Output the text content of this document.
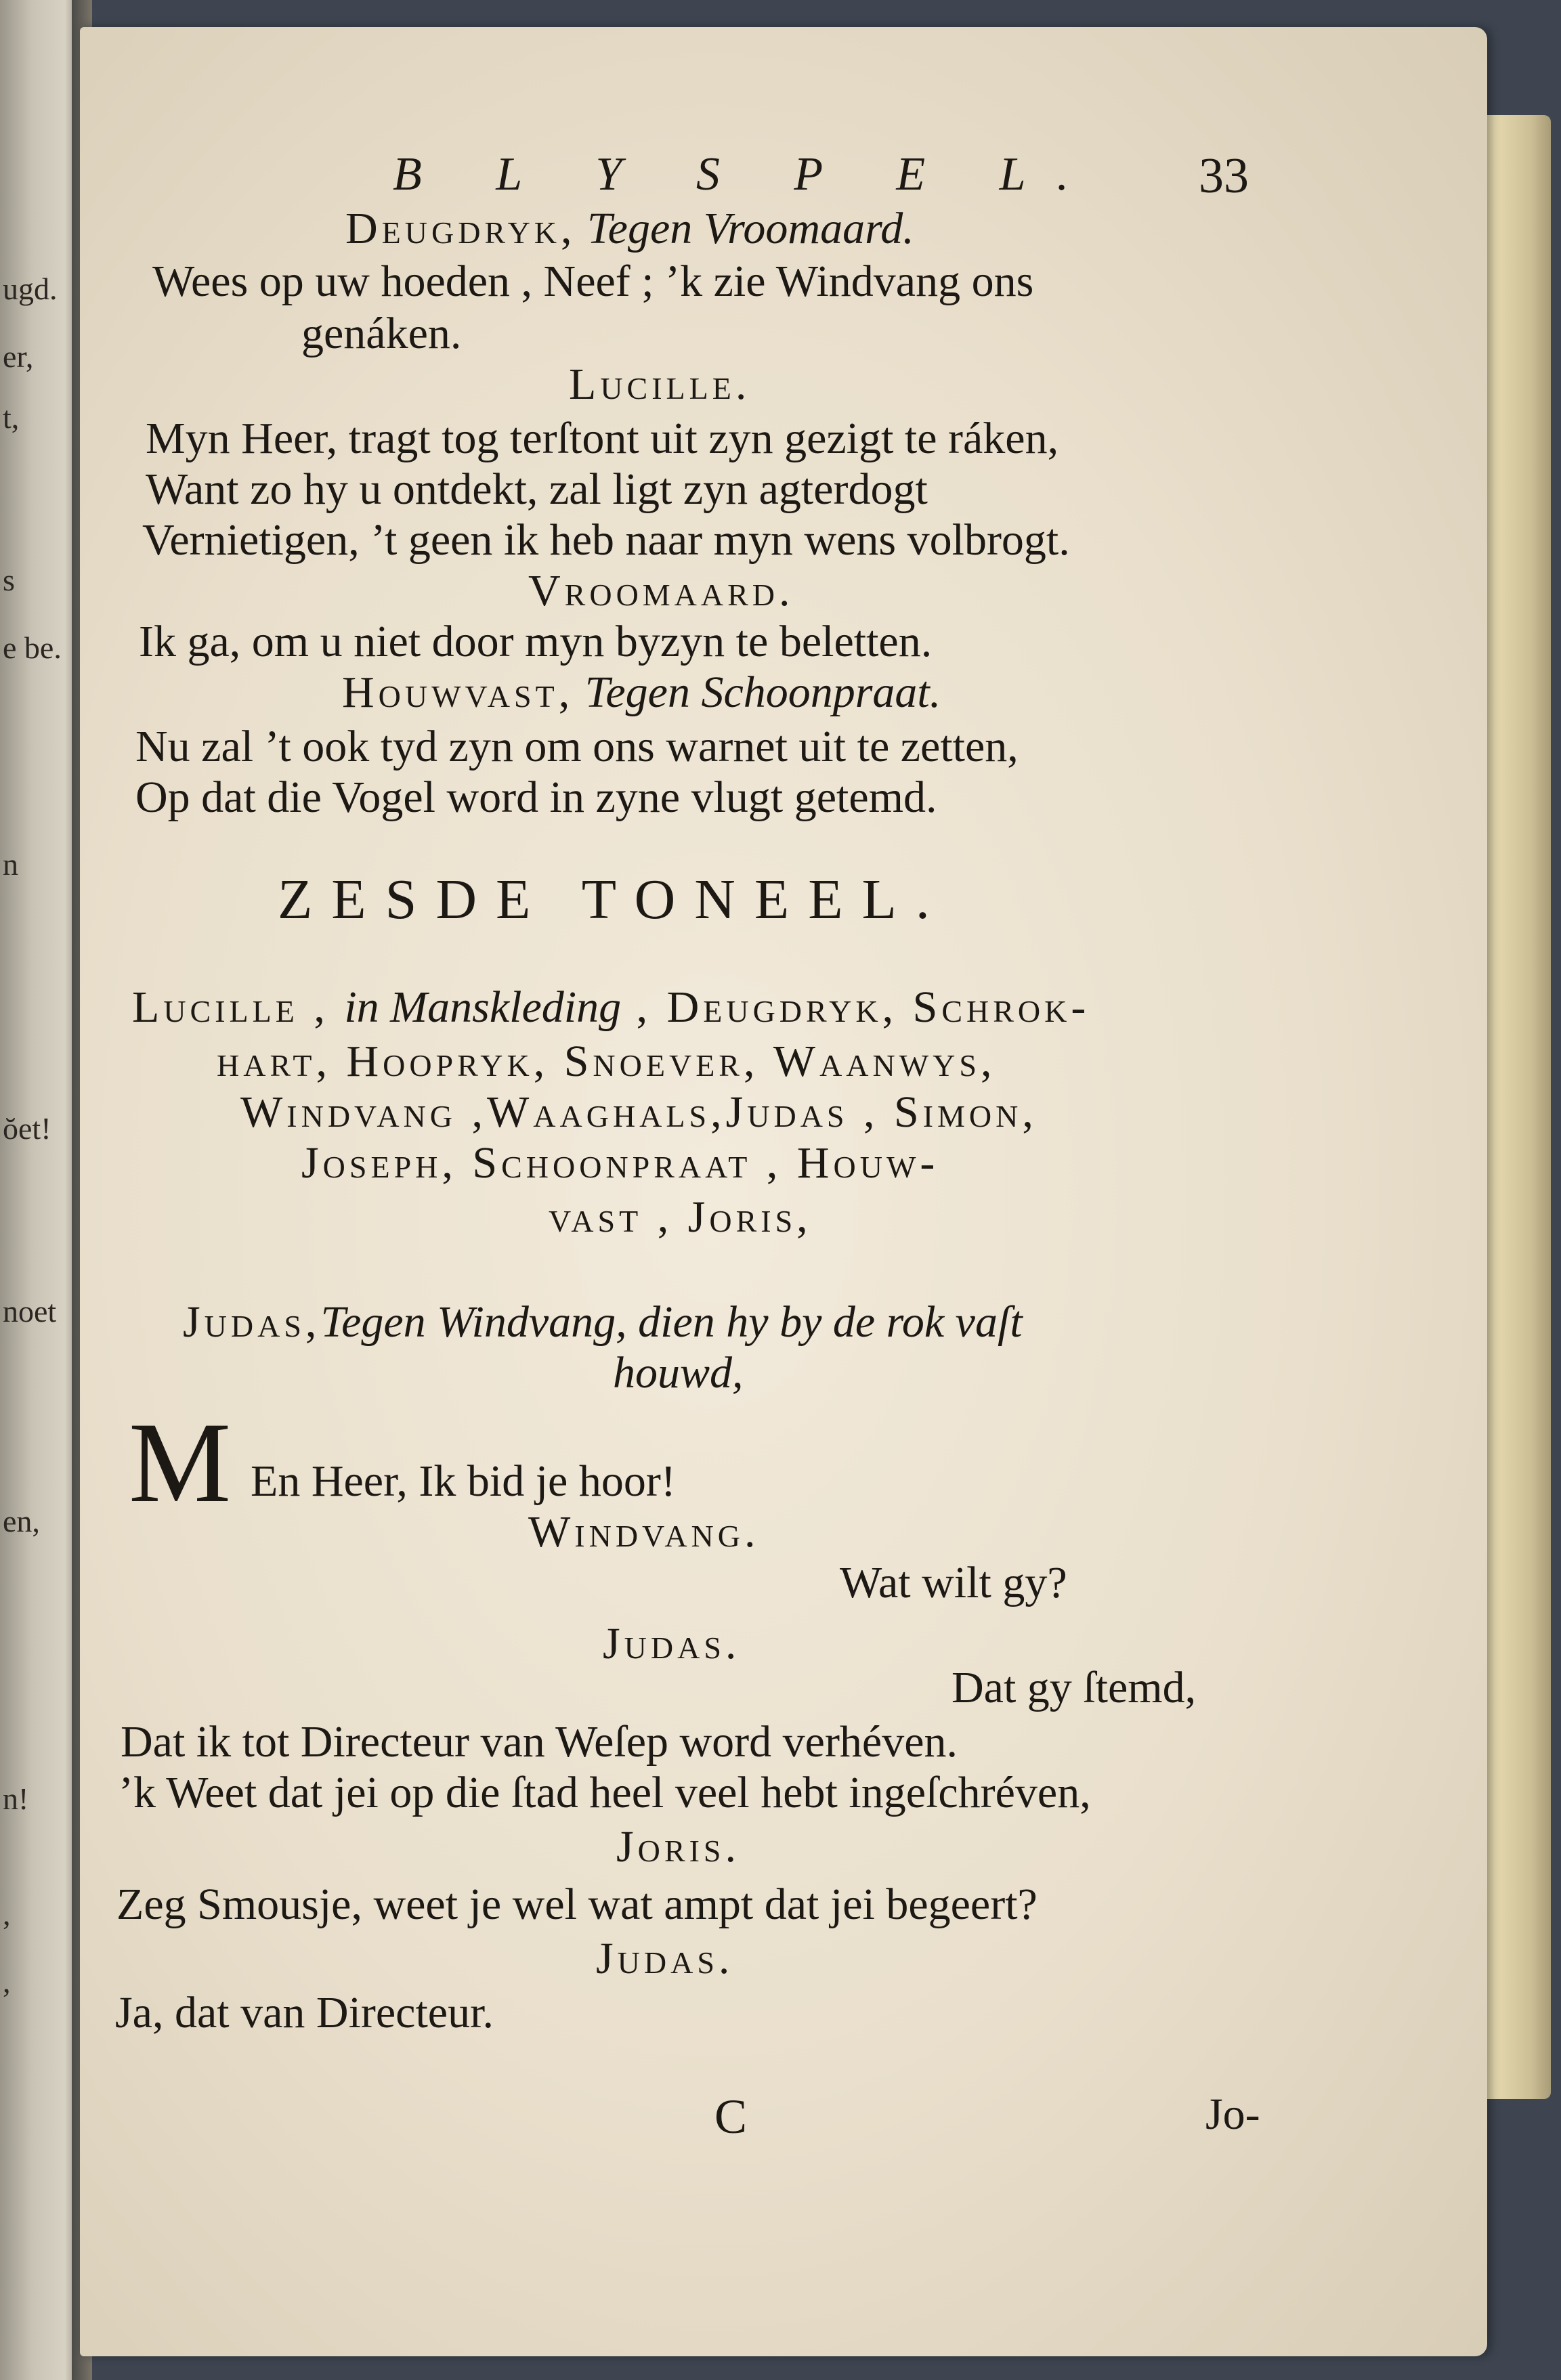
ugd.
er,
t,
s
e be.
n
ŏet!
noet
en,
n!
,
,
B L Y S P E L. 33
Deugdryk, Tegen Vroomaard.
Wees op uw hoeden , Neef ; ’k zie Windvang ons
genáken.
Lucille.
Myn Heer, tragt tog terſtont uit zyn gezigt te ráken,
Want zo hy u ontdekt, zal ligt zyn agterdogt
Vernietigen, ’t geen ik heb naar myn wens volbrogt.
Vroomaard.
Ik ga, om u niet door myn byzyn te beletten.
Houwvast, Tegen Schoonpraat.
Nu zal ’t ook tyd zyn om ons warnet uit te zetten,
Op dat die Vogel word in zyne vlugt getemd.
ZESDE TONEEL.
Lucille , in Manskleding , Deugdryk, Schrok-
hart, Hoopryk, Snoever, Waanwys,
Windvang ,Waaghals,Judas , Simon,
Joseph, Schoonpraat , Houw-
vast , Joris,
Judas,Tegen Windvang, dien hy by de rok vaſt
houwd,
M En Heer, Ik bid je hoor!
Windvang.
Wat wilt gy?
Judas.
Dat gy ſtemd,
Dat ik tot Directeur van Weſep word verhéven.
’k Weet dat jei op die ſtad heel veel hebt ingeſchréven,
Joris.
Zeg Smousje, weet je wel wat ampt dat jei begeert?
Judas.
Ja, dat van Directeur.
C	Jo-
